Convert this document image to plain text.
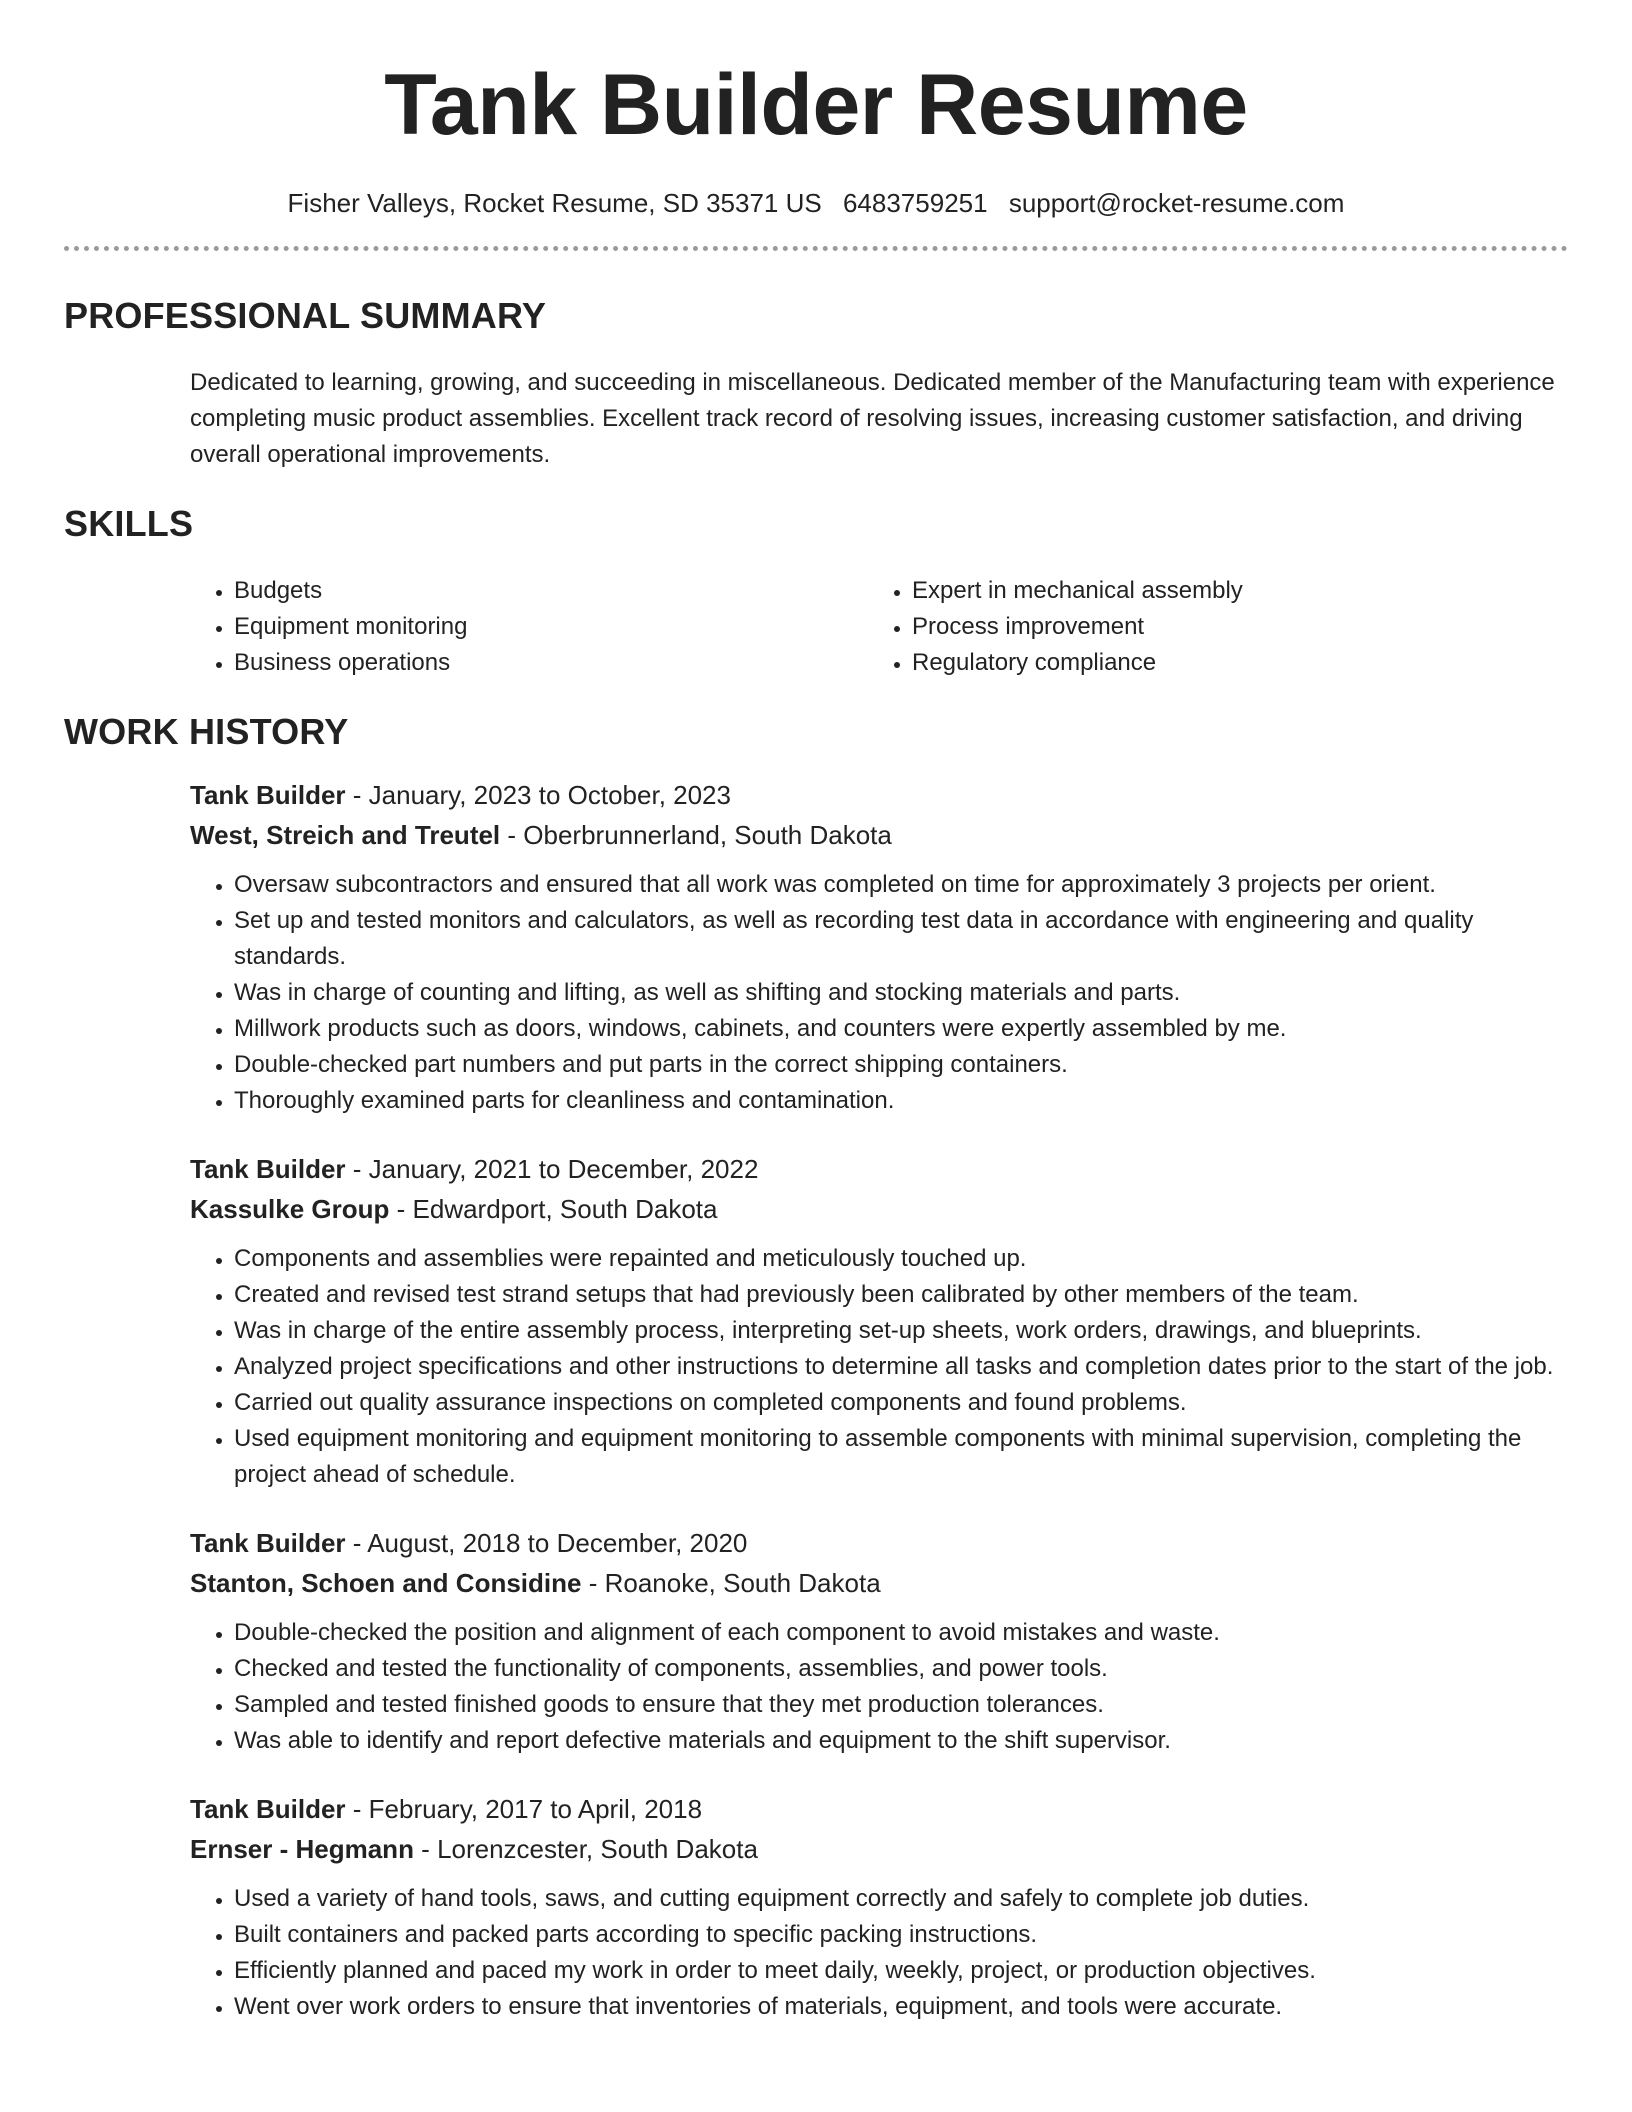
Tank Builder Resume
Fisher Valleys, Rocket Resume, SD 35371 US 6483759251 support@rocket-resume.com
PROFESSIONAL SUMMARY

Dedicated to learning, growing, and succeeding in miscellaneous. Dedicated member of the Manufacturing team with experience completing music product assemblies. Excellent track record of resolving issues, increasing customer satisfaction, and driving overall operational improvements.

SKILLS
• Budgets
• Equipment monitoring
• Business operations
• Expert in mechanical assembly
• Process improvement
• Regulatory compliance
WORK HISTORY
Tank Builder - January, 2023 to October, 2023
West, Streich and Treutel - Oberbrunnerland, South Dakota
• Oversaw subcontractors and ensured that all work was completed on time for approximately 3 projects per orient.
• Set up and tested monitors and calculators, as well as recording test data in accordance with engineering and quality standards.
• Was in charge of counting and lifting, as well as shifting and stocking materials and parts.
• Millwork products such as doors, windows, cabinets, and counters were expertly assembled by me.
• Double-checked part numbers and put parts in the correct shipping containers.
• Thoroughly examined parts for cleanliness and contamination.
Tank Builder - January, 2021 to December, 2022
Kassulke Group - Edwardport, South Dakota
• Components and assemblies were repainted and meticulously touched up.
• Created and revised test strand setups that had previously been calibrated by other members of the team.
• Was in charge of the entire assembly process, interpreting set-up sheets, work orders, drawings, and blueprints.
• Analyzed project specifications and other instructions to determine all tasks and completion dates prior to the start of the job.
• Carried out quality assurance inspections on completed components and found problems.
• Used equipment monitoring and equipment monitoring to assemble components with minimal supervision, completing the project ahead of schedule.
Tank Builder - August, 2018 to December, 2020
Stanton, Schoen and Considine - Roanoke, South Dakota
• Double-checked the position and alignment of each component to avoid mistakes and waste.
• Checked and tested the functionality of components, assemblies, and power tools.
• Sampled and tested finished goods to ensure that they met production tolerances.
• Was able to identify and report defective materials and equipment to the shift supervisor.
Tank Builder - February, 2017 to April, 2018
Ernser - Hegmann - Lorenzcester, South Dakota
• Used a variety of hand tools, saws, and cutting equipment correctly and safely to complete job duties.
• Built containers and packed parts according to specific packing instructions.
• Efficiently planned and paced my work in order to meet daily, weekly, project, or production objectives.
• Went over work orders to ensure that inventories of materials, equipment, and tools were accurate.
